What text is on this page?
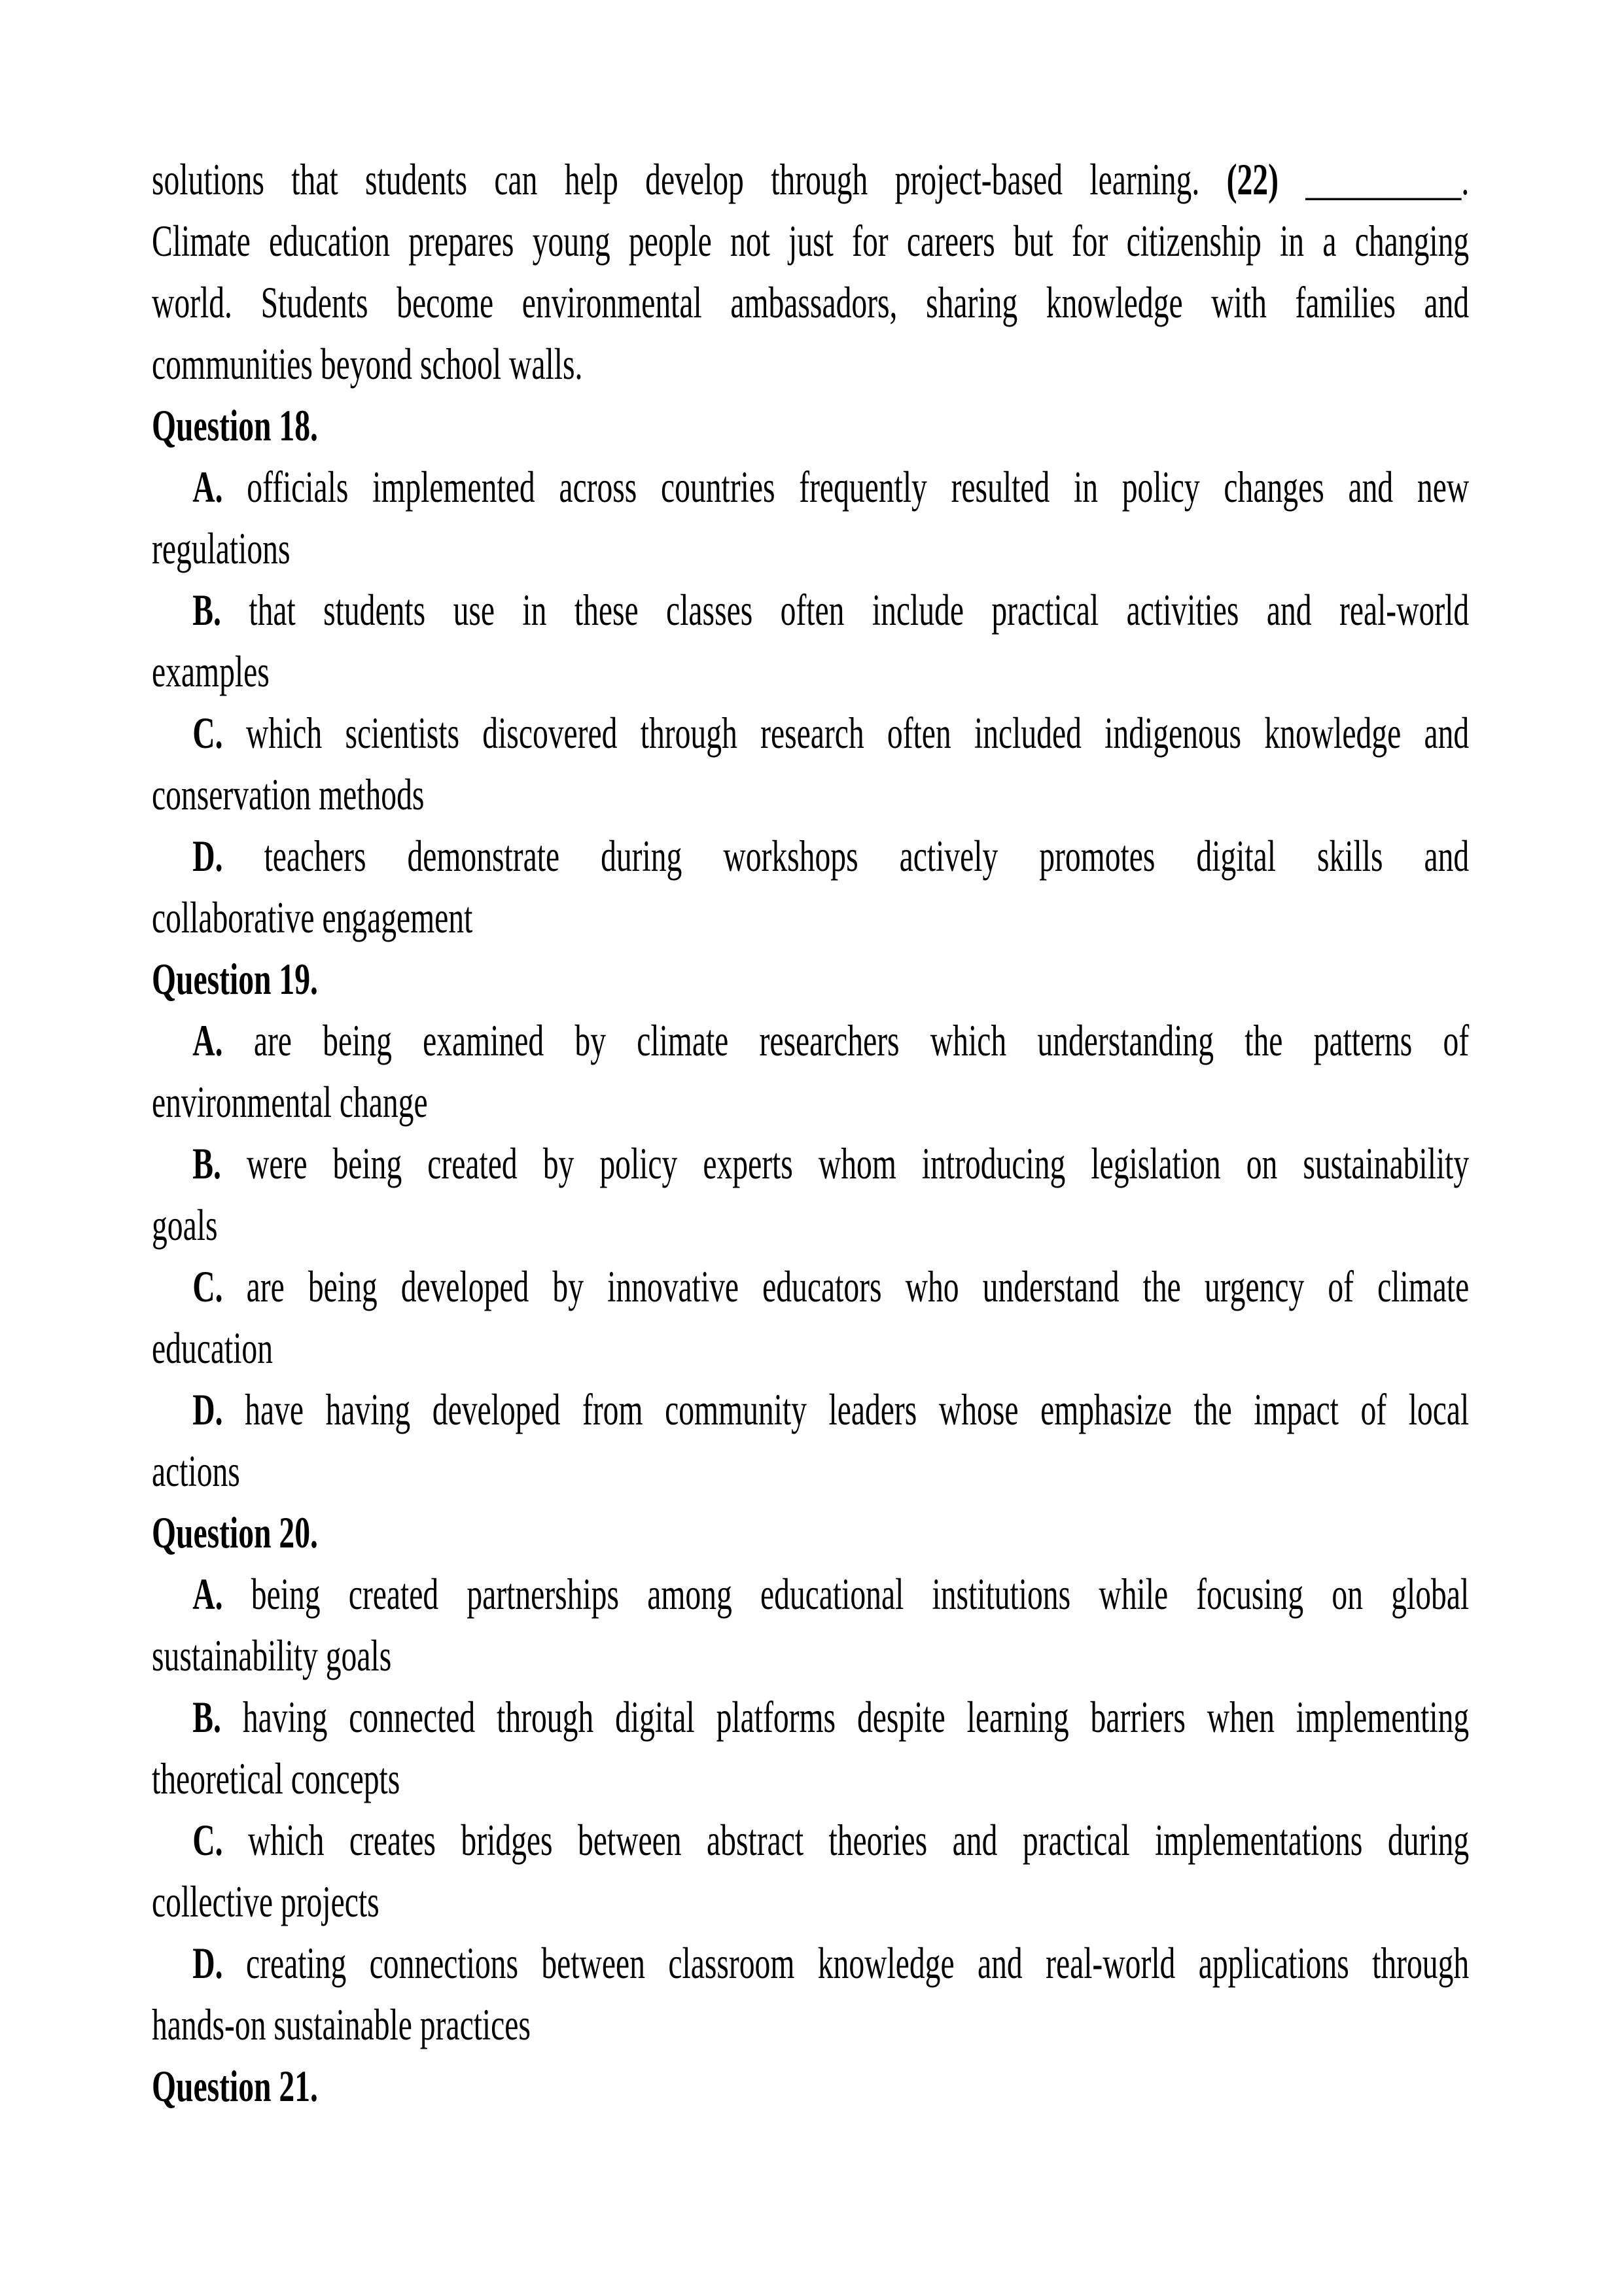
solutions that students can help develop through project-based learning. (22) __________.
Climate education prepares young people not just for careers but for citizenship in a changing
world. Students become environmental ambassadors, sharing knowledge with families and
communities beyond school walls.
Question 18.
A. officials implemented across countries frequently resulted in policy changes and new
regulations
B. that students use in these classes often include practical activities and real-world
examples
C. which scientists discovered through research often included indigenous knowledge and
conservation methods
D. teachers demonstrate during workshops actively promotes digital skills and
collaborative engagement
Question 19.
A. are being examined by climate researchers which understanding the patterns of
environmental change
B. were being created by policy experts whom introducing legislation on sustainability
goals
C. are being developed by innovative educators who understand the urgency of climate
education
D. have having developed from community leaders whose emphasize the impact of local
actions
Question 20.
A. being created partnerships among educational institutions while focusing on global
sustainability goals
B. having connected through digital platforms despite learning barriers when implementing
theoretical concepts
C. which creates bridges between abstract theories and practical implementations during
collective projects
D. creating connections between classroom knowledge and real-world applications through
hands-on sustainable practices
Question 21.
